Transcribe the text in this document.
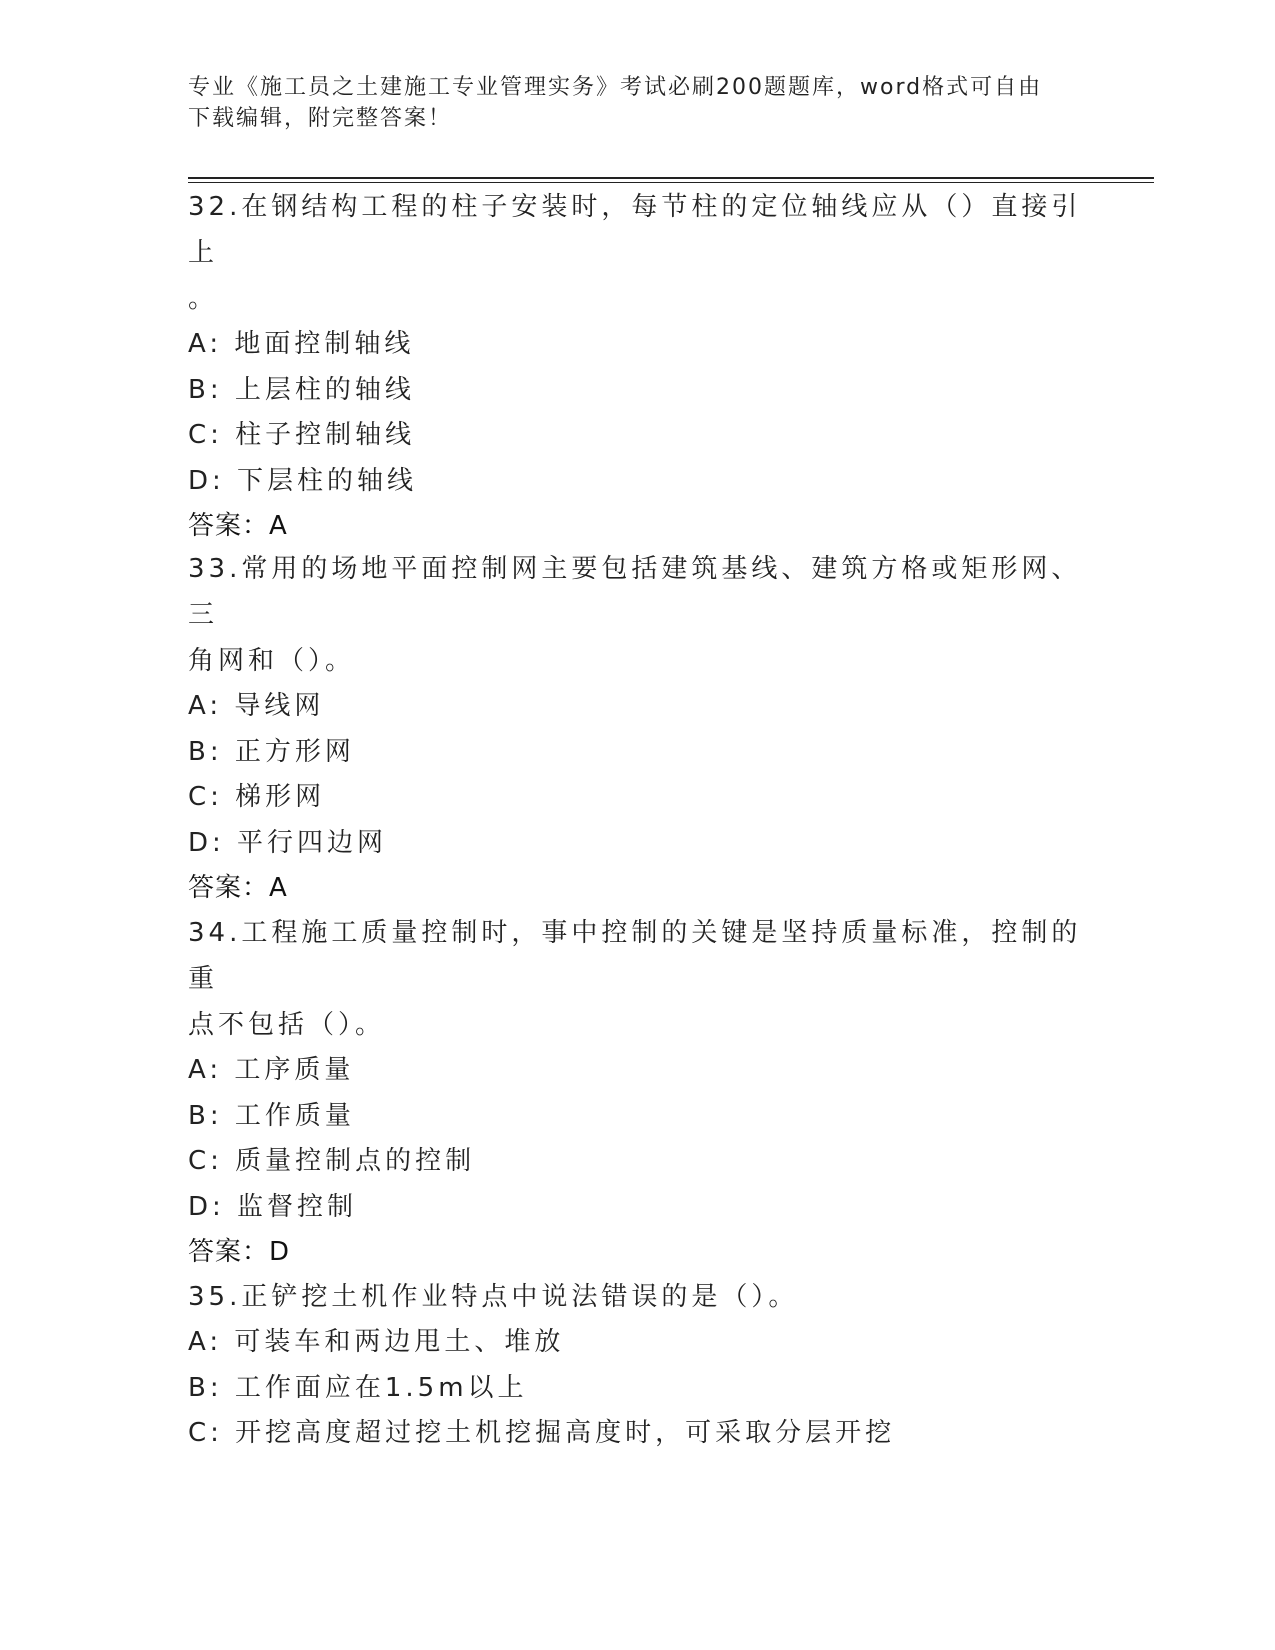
专业《施工员之土建施工专业管理实务》考试必刷200题题库，word格式可自由
下载编辑，附完整答案！
32.在钢结构工程的柱子安装时，每节柱的定位轴线应从（）直接引上
。
A: 地面控制轴线
B: 上层柱的轴线
C: 柱子控制轴线
D: 下层柱的轴线
答案：A
33.常用的场地平面控制网主要包括建筑基线、建筑方格或矩形网、三
角网和（）。
A: 导线网
B: 正方形网
C: 梯形网
D: 平行四边网
答案：A
34.工程施工质量控制时，事中控制的关键是坚持质量标准，控制的重
点不包括（）。
A: 工序质量
B: 工作质量
C: 质量控制点的控制
D: 监督控制
答案：D
35.正铲挖土机作业特点中说法错误的是（）。
A: 可装车和两边甩土、堆放
B: 工作面应在1.5m以上
C: 开挖高度超过挖土机挖掘高度时，可采取分层开挖
